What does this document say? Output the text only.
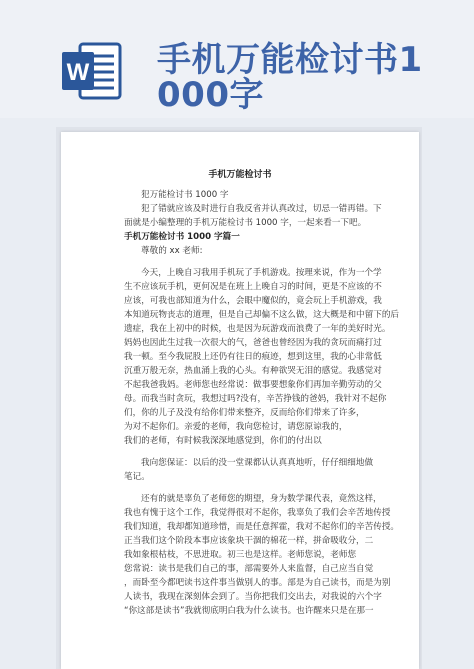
W 手机万能检讨书1
000字
手机万能检讨书
犯万能检讨书 1000 字
犯了错就应该及时进行自我反省并认真改过，切忌一错再错。下
面就是小编整理的手机万能检讨书 1000 字，一起来看一下吧。
手机万能检讨书 1000 字篇一
尊敬的 xx 老师:
今天，上晚自习我用手机玩了手机游戏。按理来说，作为一个学
生不应该玩手机，更何况是在班上上晚自习的时间，更是不应该的不
应该，可我也部知道为什么，会眼中魔似的，竟会玩上手机游戏，我
本知道玩物丧志的道理，但是自己却偏不这么做，这大概是和中留下的后
遗症，我在上初中的时候，也是因为玩游戏而浪费了一年的美好时光。
妈妈也因此生过我一次很大的气，爸爸也曾经因为我的贪玩而痛打过
我一顿。至今我屁股上还仍有往日的痕迹，想到这里，我的心非常低
沉重万般无奈，热血涌上我的心头。有种欲哭无泪的感觉。我感觉对
不起我爸我妈。老师您也经常说：做事要想象你们再加辛勤劳动的父
母。而我当时贪玩，我想过吗?没有，辛苦挣钱的爸妈，我针对不起你
们，你的儿子及没有给你们带来整齐，反而给你们带来了许多，
为对不起你们。亲爱的老师，我向您检讨，请您原谅我的，
我们的老师，有时候我深深地感觉到，你们的付出以
我向您保证：以后的没一堂课都认认真真地听，仔仔细细地做
笔记。
还有的就是辜负了老师您的期望，身为数学课代表，竟然这样，
我也有愧于这个工作，我觉得很对不起你，我辜负了我们会辛苦地传授
我们知道，我却都知道珍惜，而是任意挥霍，我对不起你们的辛苦传授。
正当我们这个阶段本事应该象块干涸的棉花一样，拼命吸收分，二
我如象根枯枝，不思进取。初三也是这样。老师您说，老师您
您常说：读书是我们自己的事，部需要外人来监督，自己应当自觉
，而卧至今都吧读书这件事当做别人的事。部是为自己读书，而是为别
人读书，我现在深刻体会到了。当你把我们交出去，对我说的六个字
“你这部是读书”我就彻底明白我为什么读书。也许醒来只是在那一
